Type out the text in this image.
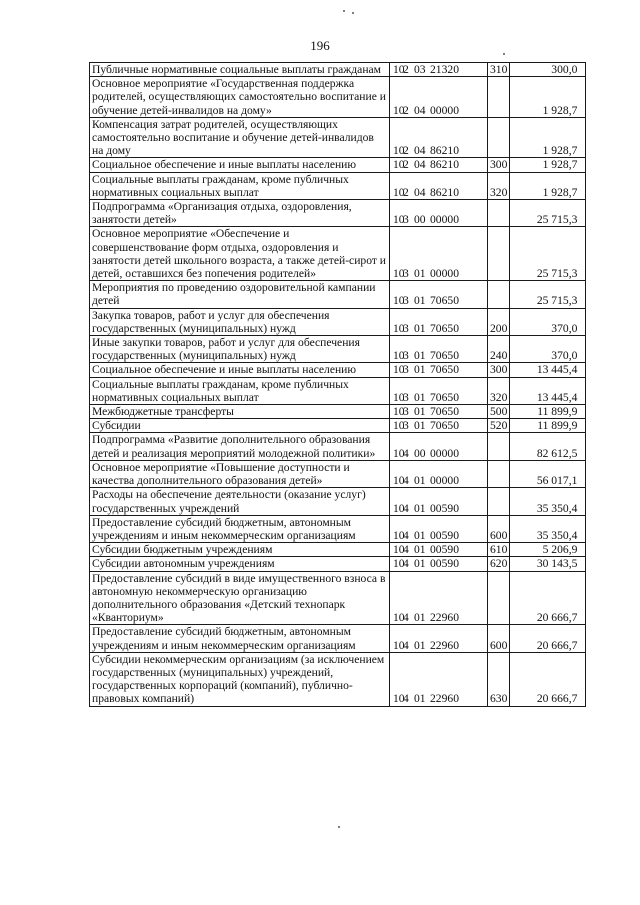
196
Публичные нормативные социальные выплаты гражданам	102 03 21320	310	300,0
Основное мероприятие «Государственная поддержка родителей, осуществляющих самостоятельно воспитание и обучение детей-инвалидов на дому»	102 04 00000		1 928,7
Компенсация затрат родителей, осуществляющих самостоятельно воспитание и обучение детей-инвалидов на дому	102 04 86210		1 928,7
Социальное обеспечение и иные выплаты населению	102 04 86210	300	1 928,7
Социальные выплаты гражданам, кроме публичных нормативных социальных выплат	102 04 86210	320	1 928,7
Подпрограмма «Организация отдыха, оздоровления, занятости детей»	103 00 00000		25 715,3
Основное мероприятие «Обеспечение и совершенствование форм отдыха, оздоровления и занятости детей школьного возраста, а также детей-сирот и детей, оставшихся без попечения родителей»	103 01 00000		25 715,3
Мероприятия по проведению оздоровительной кампании детей	103 01 70650		25 715,3
Закупка товаров, работ и услуг для обеспечения государственных (муниципальных) нужд	103 01 70650	200	370,0
Иные закупки товаров, работ и услуг для обеспечения государственных (муниципальных) нужд	103 01 70650	240	370,0
Социальное обеспечение и иные выплаты населению	103 01 70650	300	13 445,4
Социальные выплаты гражданам, кроме публичных нормативных социальных выплат	103 01 70650	320	13 445,4
Межбюджетные трансферты	103 01 70650	500	11 899,9
Субсидии	103 01 70650	520	11 899,9
Подпрограмма «Развитие дополнительного образования детей и реализация мероприятий молодежной политики»	104 00 00000		82 612,5
Основное мероприятие «Повышение доступности и качества дополнительного образования детей»	104 01 00000		56 017,1
Расходы на обеспечение деятельности (оказание услуг) государственных учреждений	104 01 00590		35 350,4
Предоставление субсидий бюджетным, автономным учреждениям и иным некоммерческим организациям	104 01 00590	600	35 350,4
Субсидии бюджетным учреждениям	104 01 00590	610	5 206,9
Субсидии автономным учреждениям	104 01 00590	620	30 143,5
Предоставление субсидий в виде имущественного взноса в автономную некоммерческую организацию дополнительного образования «Детский технопарк «Кванториум»	104 01 22960		20 666,7
Предоставление субсидий бюджетным, автономным учреждениям и иным некоммерческим организациям	104 01 22960	600	20 666,7
Субсидии некоммерческим организациям (за исключением государственных (муниципальных) учреждений, государственных корпораций (компаний), публично-правовых компаний)	104 01 22960	630	20 666,7
